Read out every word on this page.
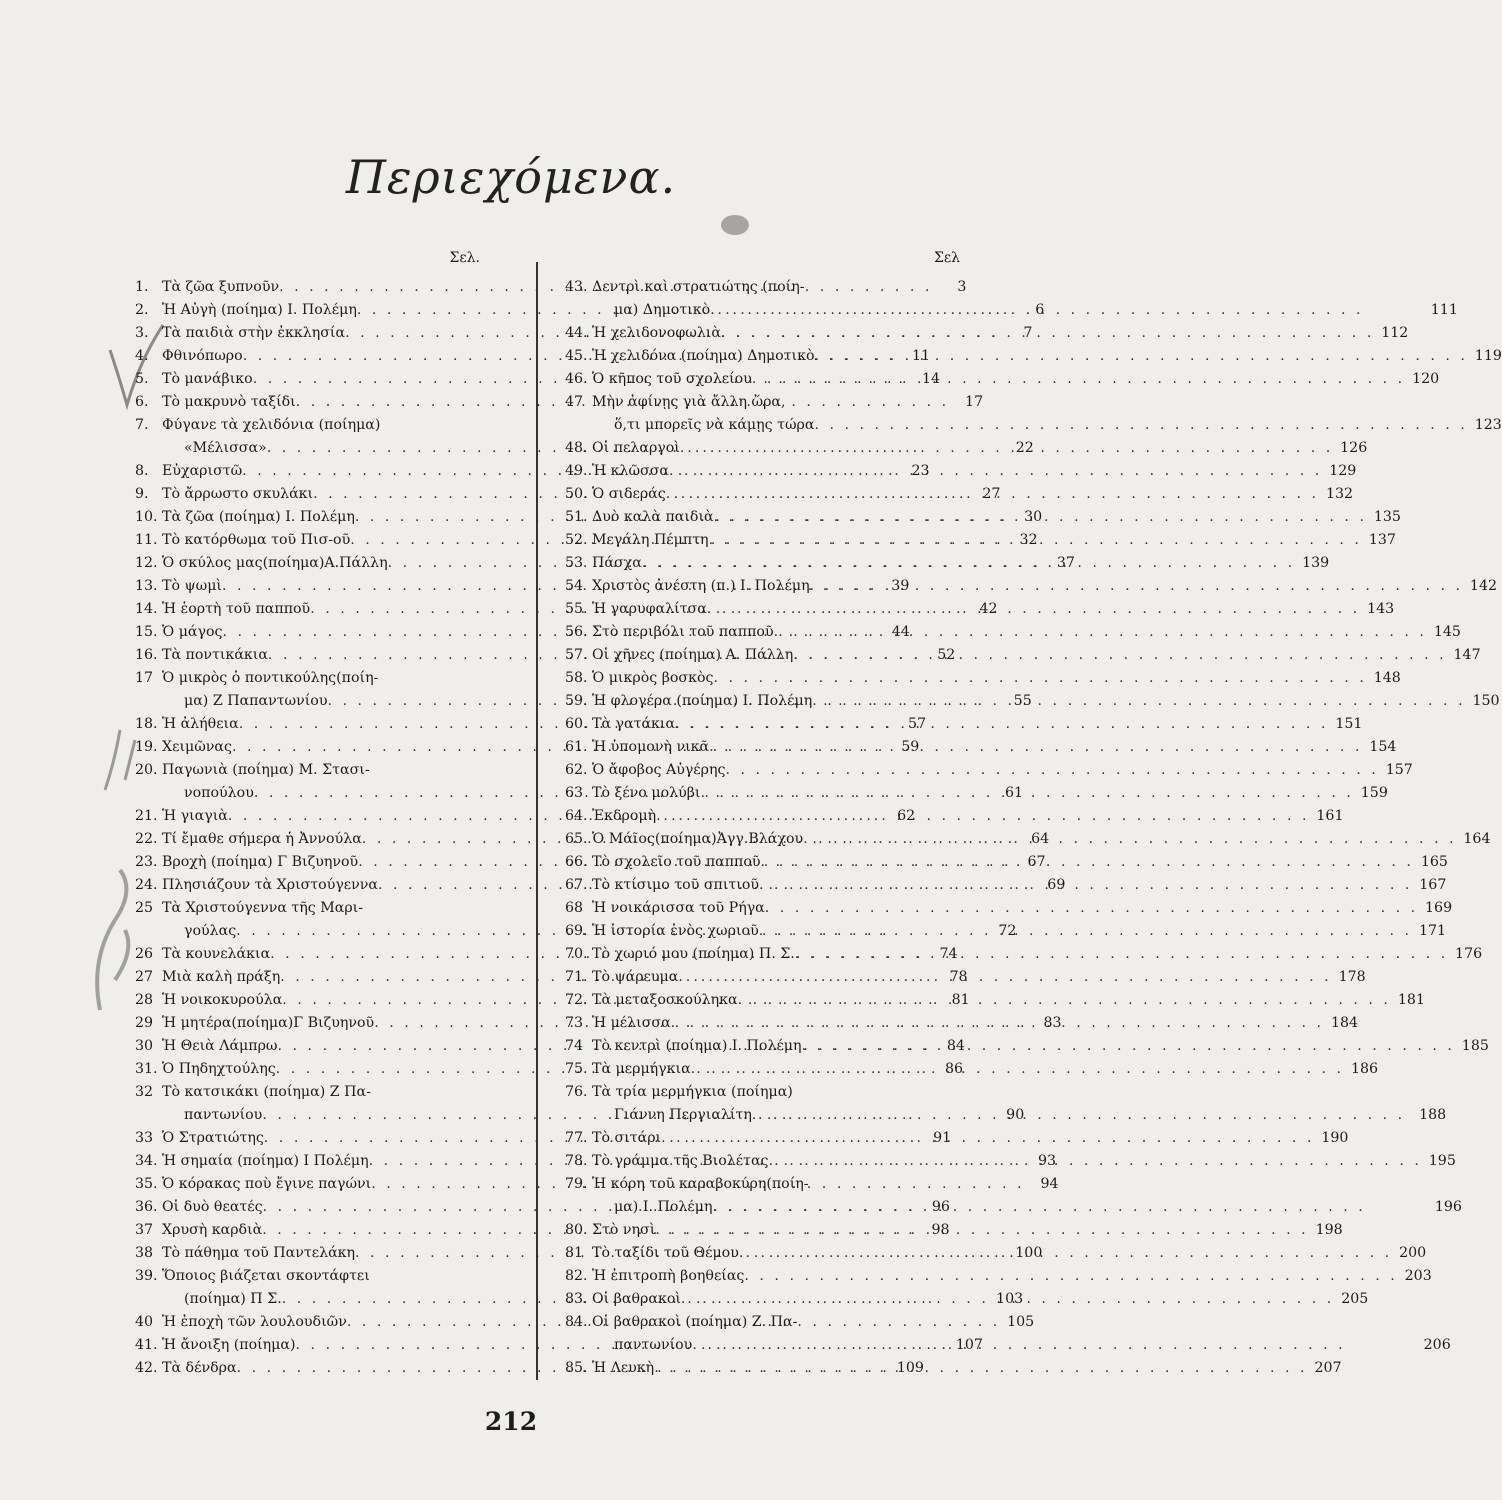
Περιεχόμενα.
Σελ.
1. Τὰ ζῶα ξυπνοῦν . . .	3
2. Ἡ Αὐγὴ (ποίημα) Ι. Πολέμη . . .	6
3. Τὰ παιδιὰ στὴν ἐκκλησία . . .	7
4. Φθινόπωρο . . .	11
5. Τὸ μανάβικο . . .	14
6. Τὸ μακρυνὸ ταξίδι . . .	17
7. Φύγανε τὰ χελιδόνια (ποίημα)
«Μέλισσα» . . .	22
8. Εὐχαριστῶ . . .	23
9. Τὸ ἄρρωστο σκυλάκι . . .	27
10. Τὰ ζῶα (ποίημα) Ι. Πολέμη . . .	30
11. Τὸ κατόρθωμα τοῦ Πισ-οῦ . . .	32
12. Ὁ σκύλος μας(ποίημα)Α.Πάλλη . . .	37
13. Τὸ ψωμὶ . . .	39
14. Ἡ ἑορτὴ τοῦ παπποῦ . . .	42
15. Ὁ μάγος . . .	44
16. Τὰ ποντικάκια . . .	52
17 Ὁ μικρὸς ὁ ποντικούλης(ποίη-
μα) Ζ Παπαντωνίου . . .	55
18. Ἡ ἀλήθεια . . .	57
19. Χειμῶνας . . .	59
20. Παγωνιὰ (ποίημα) Μ. Στασι-
νοπούλου . . .	61
21. Ἡ γιαγιὰ . . .	62
22. Τί ἔμαθε σήμερα ἡ Ἀννούλα . . .	64
23. Βροχὴ (ποίημα) Γ Βιζυηνοῦ . . .	67
24. Πλησιάζουν τὰ Χριστούγεννα . . .	69
25 Τὰ Χριστούγεννα τῆς Μαρι-
γούλας . . .	72
26 Τὰ κουνελάκια . . .	74
27 Μιὰ καλὴ πράξη . . .	78
28 Ἡ νοικοκυρούλα . . .	81
29 Ἡ μητέρα(ποίημα)Γ Βιζυηνοῦ . . .	83
30 Ἡ Θειὰ Λάμπρω . . .	84
31. Ὁ Πηδηχτούλης . . .	86
32 Τὸ κατσικάκι (ποίημα) Ζ Πα-
παντωνίου . . .	90
33 Ὁ Στρατιώτης . . .	91
34. Ἡ σημαία (ποίημα) Ι Πολέμη . . .	93
35. Ὁ κόρακας ποὺ ἔγινε παγώνι . . .	94
36. Οἱ δυὸ θεατές . . .	96
37 Χρυσὴ καρδιὰ . . .	98
38 Τὸ πάθημα τοῦ Παντελάκη . . .	100
39. Ὅποιος βιάζεται σκοντάφτει
(ποίημα) Π Σ. . . .	103
40 Ἡ ἐποχὴ τῶν λουλουδιῶν . . .	105
41. Ἡ ἄνοιξη (ποίημα) . . .	107
42. Τὰ δένδρα . . .	109
Σελ
43. Δεντρὶ καὶ στρατιώτης (ποίη-
μα) Δημοτικὸ . . .	111
44. Ἡ χελιδονοφωλιὰ . . .	112
45. Ἡ χελιδόνα (ποίημα) Δημοτικὸ . . .	119
46. Ὁ κῆπος τοῦ σχολείου . . .	120
47 Μὴν ἀφίνῃς γιὰ ἄλλη ὥρα,
ὅ,τι μπορεῖς νὰ κάμῃς τώρα . . .	123
48. Οἱ πελαργοὶ . . .	126
49. Ἡ κλῶσσα . . .	129
50. Ὁ σιδεράς . . .	132
51. Δυὸ καλὰ παιδιὰ . . .	135
52. Μεγάλη Πέμπτη . . .	137
53 Πάσχα . . .	139
54 Χριστὸς ἀνέστη (π.) Ι. Πολέμη . . .	142
55. Ἡ γαρυφαλίτσα . . .	143
56. Στὸ περιβόλι τοῦ παπποῦ . . .	145
57. Οἱ χῆνες (ποίημα) Α. Πάλλη . . .	147
58. Ὁ μικρὸς βοσκὸς . . .	148
59. Ἡ φλογέρα (ποίημα) Ι. Πολέμη . . .	150
60. Τὰ γατάκια . . .	151
61. Ἡ ὑπομονὴ νικᾶ . . .	154
62. Ὁ ἄφοβος Αὐγέρης . . .	157
63 Τὸ ξένο μολύβι . . .	159
64. Ἐκδρομὴ . . .	161
65. Ὁ Μάῖος(ποίημα)Ἀγγ.Βλάχου . . .	164
66. Τὸ σχολεῖο τοῦ παπποῦ . . .	165
67. Τὸ κτίσιμο τοῦ σπιτιοῦ . . .	167
68 Ἡ νοικάρισσα τοῦ Ρήγα . . .	169
69. Ἡ ἱστορία ἑνὸς χωριοῦ . . .	171
70. Τὸ χωριό μου (ποίημα) Π. Σ. . . .	176
71. Τὸ ψάρευμα . . .	178
72. Τὰ μεταξοσκούληκα . . .	181
73 Ἡ μέλισσα . . .	184
74 Τὸ κεντρὶ (ποίημα) Ι. Πολέμη . . .	185
75. Τὰ μερμήγκια . . .	186
76. Τὰ τρία μερμήγκια (ποίημα)
Γιάννη Περγιαλίτη . . .	188
77. Τὸ σιτάρι . . .	190
78. Τὸ γράμμα τῆς Βιολέτας . . .	195
79. Ἡ κόρη τοῦ καραβοκύρη(ποίη-
μα) Ι. Πολέμη . . .	196
80. Στὸ νησὶ . . .	198
81 Τὸ ταξίδι τοῦ Θέμου . . .	200
82. Ἡ ἐπιτροπὴ βοηθείας . . .	203
83. Οἱ βαθρακοὶ . . .	205
84. Οἱ βαθρακοὶ (ποίημα) Ζ. Πα-
παντωνίου . . .	206
85. Ἡ Λευκὴ . . .	207
212
